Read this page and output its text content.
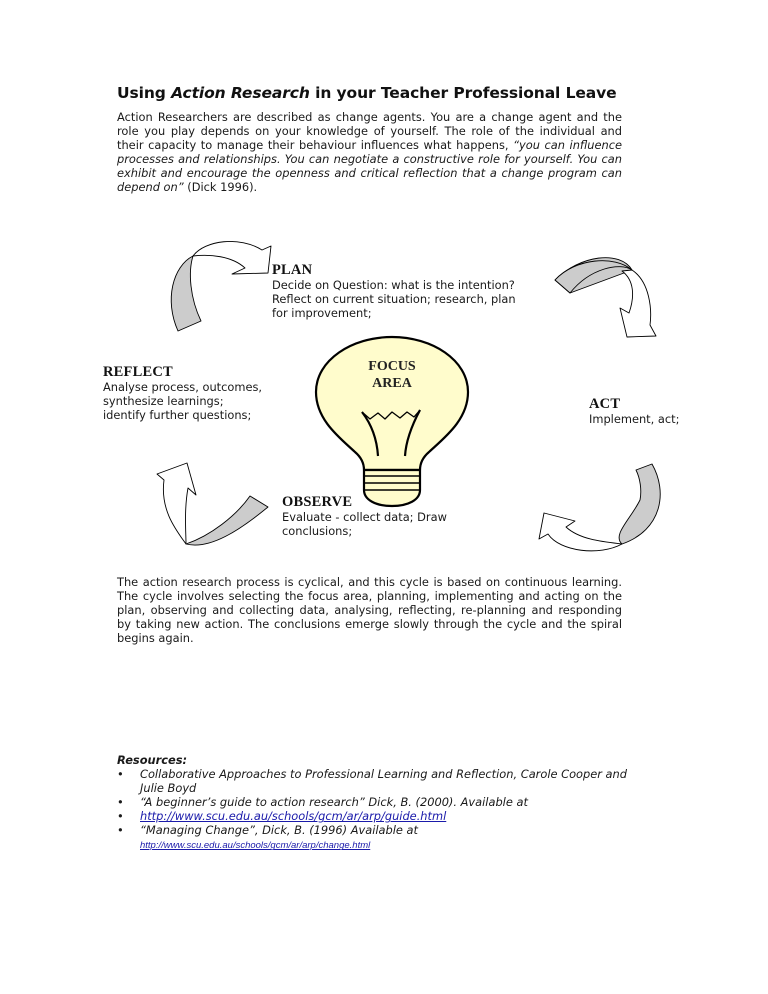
Using Action Research in your Teacher Professional Leave
Action Researchers are described as change agents. You are a change agent and the role you play depends on your knowledge of yourself. The role of the individual and their capacity to manage their behaviour influences what happens, “you can influence processes and relationships. You can negotiate a constructive role for yourself. You can exhibit and encourage the openness and critical reflection that a change program can depend on” (Dick 1996).
FOCUS
AREA
PLAN
Decide on Question: what is the intention? Reflect on current situation; research, plan for improvement;
REFLECT
Analyse process, outcomes, synthesize learnings; identify further questions;
ACT
Implement, act;
OBSERVE
Evaluate - collect data; Draw conclusions;
The action research process is cyclical, and this cycle is based on continuous learning. The cycle involves selecting the focus area, planning, implementing and acting on the plan, observing and collecting data, analysing, reflecting, re-planning and responding by taking new action. The conclusions emerge slowly through the cycle and the spiral begins again.
Resources:
• Collaborative Approaches to Professional Learning and Reflection, Carole Cooper and Julie Boyd
• “A beginner’s guide to action research” Dick, B. (2000). Available at
• http://www.scu.edu.au/schools/gcm/ar/arp/guide.html
• “Managing Change”, Dick, B. (1996) Available at
http://www.scu.edu.au/schools/gcm/ar/arp/change.html
